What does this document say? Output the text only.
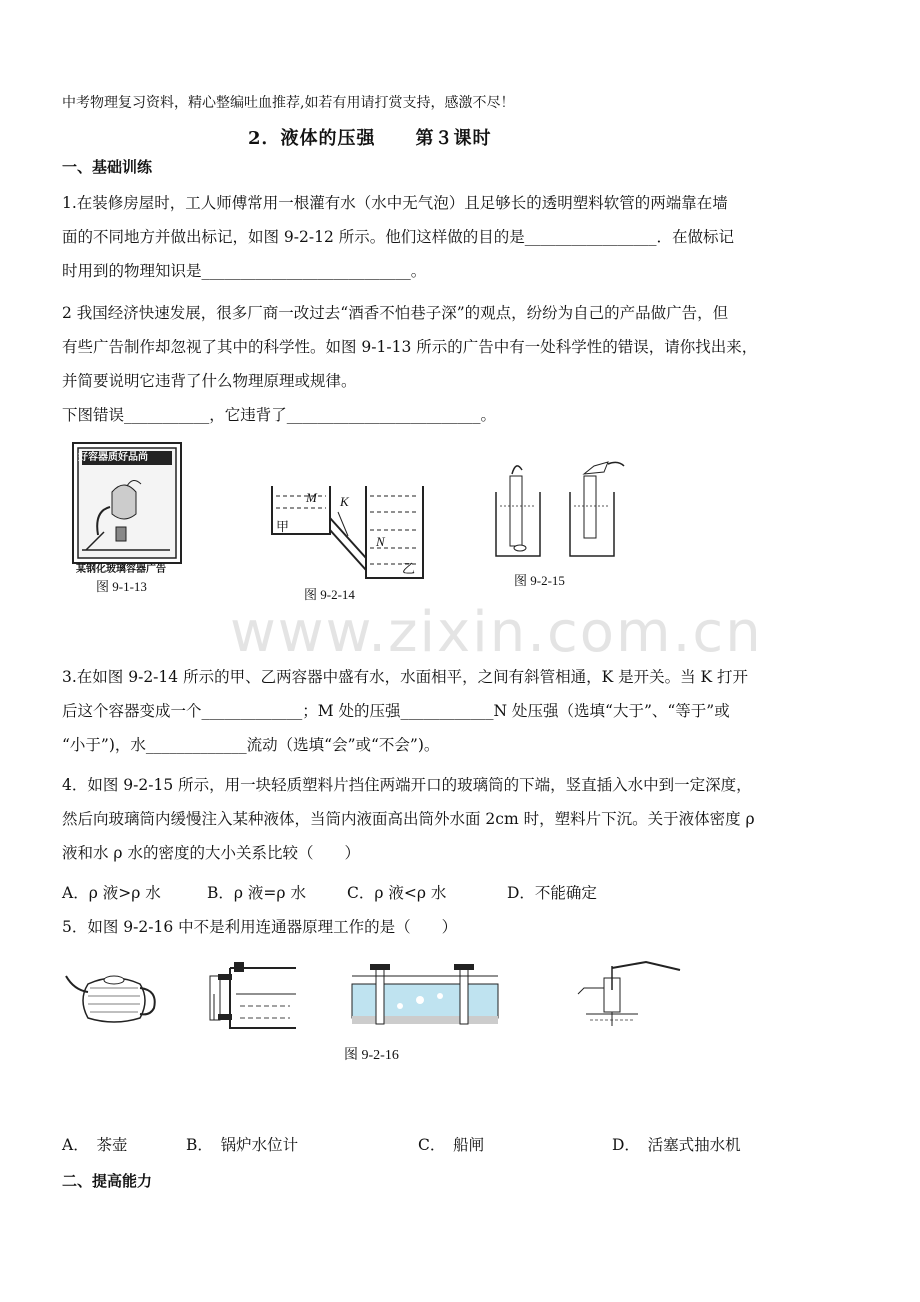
中考物理复习资料，精心整编吐血推荐,如若有用请打赏支持，感激不尽！
2．液体的压强 第３课时
一、基础训练
1.在装修房屋时，工人师傅常用一根灌有水（水中无气泡）且足够长的透明塑料软管的两端靠在墙
面的不同地方并做出标记，如图 9-2-12 所示。他们这样做的目的是_________________．在做标记
时用到的物理知识是___________________________。
2 我国经济快速发展，很多厂商一改过去“酒香不怕巷子深”的观点，纷纷为自己的产品做广告，但
有些广告制作却忽视了其中的科学性。如图 9-1-13 所示的广告中有一处科学性的错误，请你找出来，
并简要说明它违背了什么物理原理或规律。
下图错误___________，它违背了_________________________。
好容器质好品尚
某钢化玻璃容器广告
图 9-1-13
M K
N
甲
乙
图 9-2-14
图 9-2-15
www.zixin.com.cn
3.在如图 9-2-14 所示的甲、乙两容器中盛有水，水面相平，之间有斜管相通，K 是开关。当 K 打开
后这个容器变成一个_____________；M 处的压强____________N 处压强（选填“大于”、“等于”或
“小于”)，水_____________流动（选填“会”或“不会”)。
4．如图 9-2-15 所示，用一块轻质塑料片挡住两端开口的玻璃筒的下端，竖直插入水中到一定深度，
然后向玻璃筒内缓慢注入某种液体，当筒内液面高出筒外水面 2cm 时，塑料片下沉。关于液体密度 ρ
液和水 ρ 水的密度的大小关系比较（　　）
A．ρ 液>ρ 水	B．ρ 液=ρ 水	C．ρ 液<ρ 水	D．不能确定
5．如图 9-2-16 中不是利用连通器原理工作的是（　　）
图 9-2-16
A．　茶壶	B．　锅炉水位计	C．　船闸	D．　活塞式抽水机
二、提高能力
